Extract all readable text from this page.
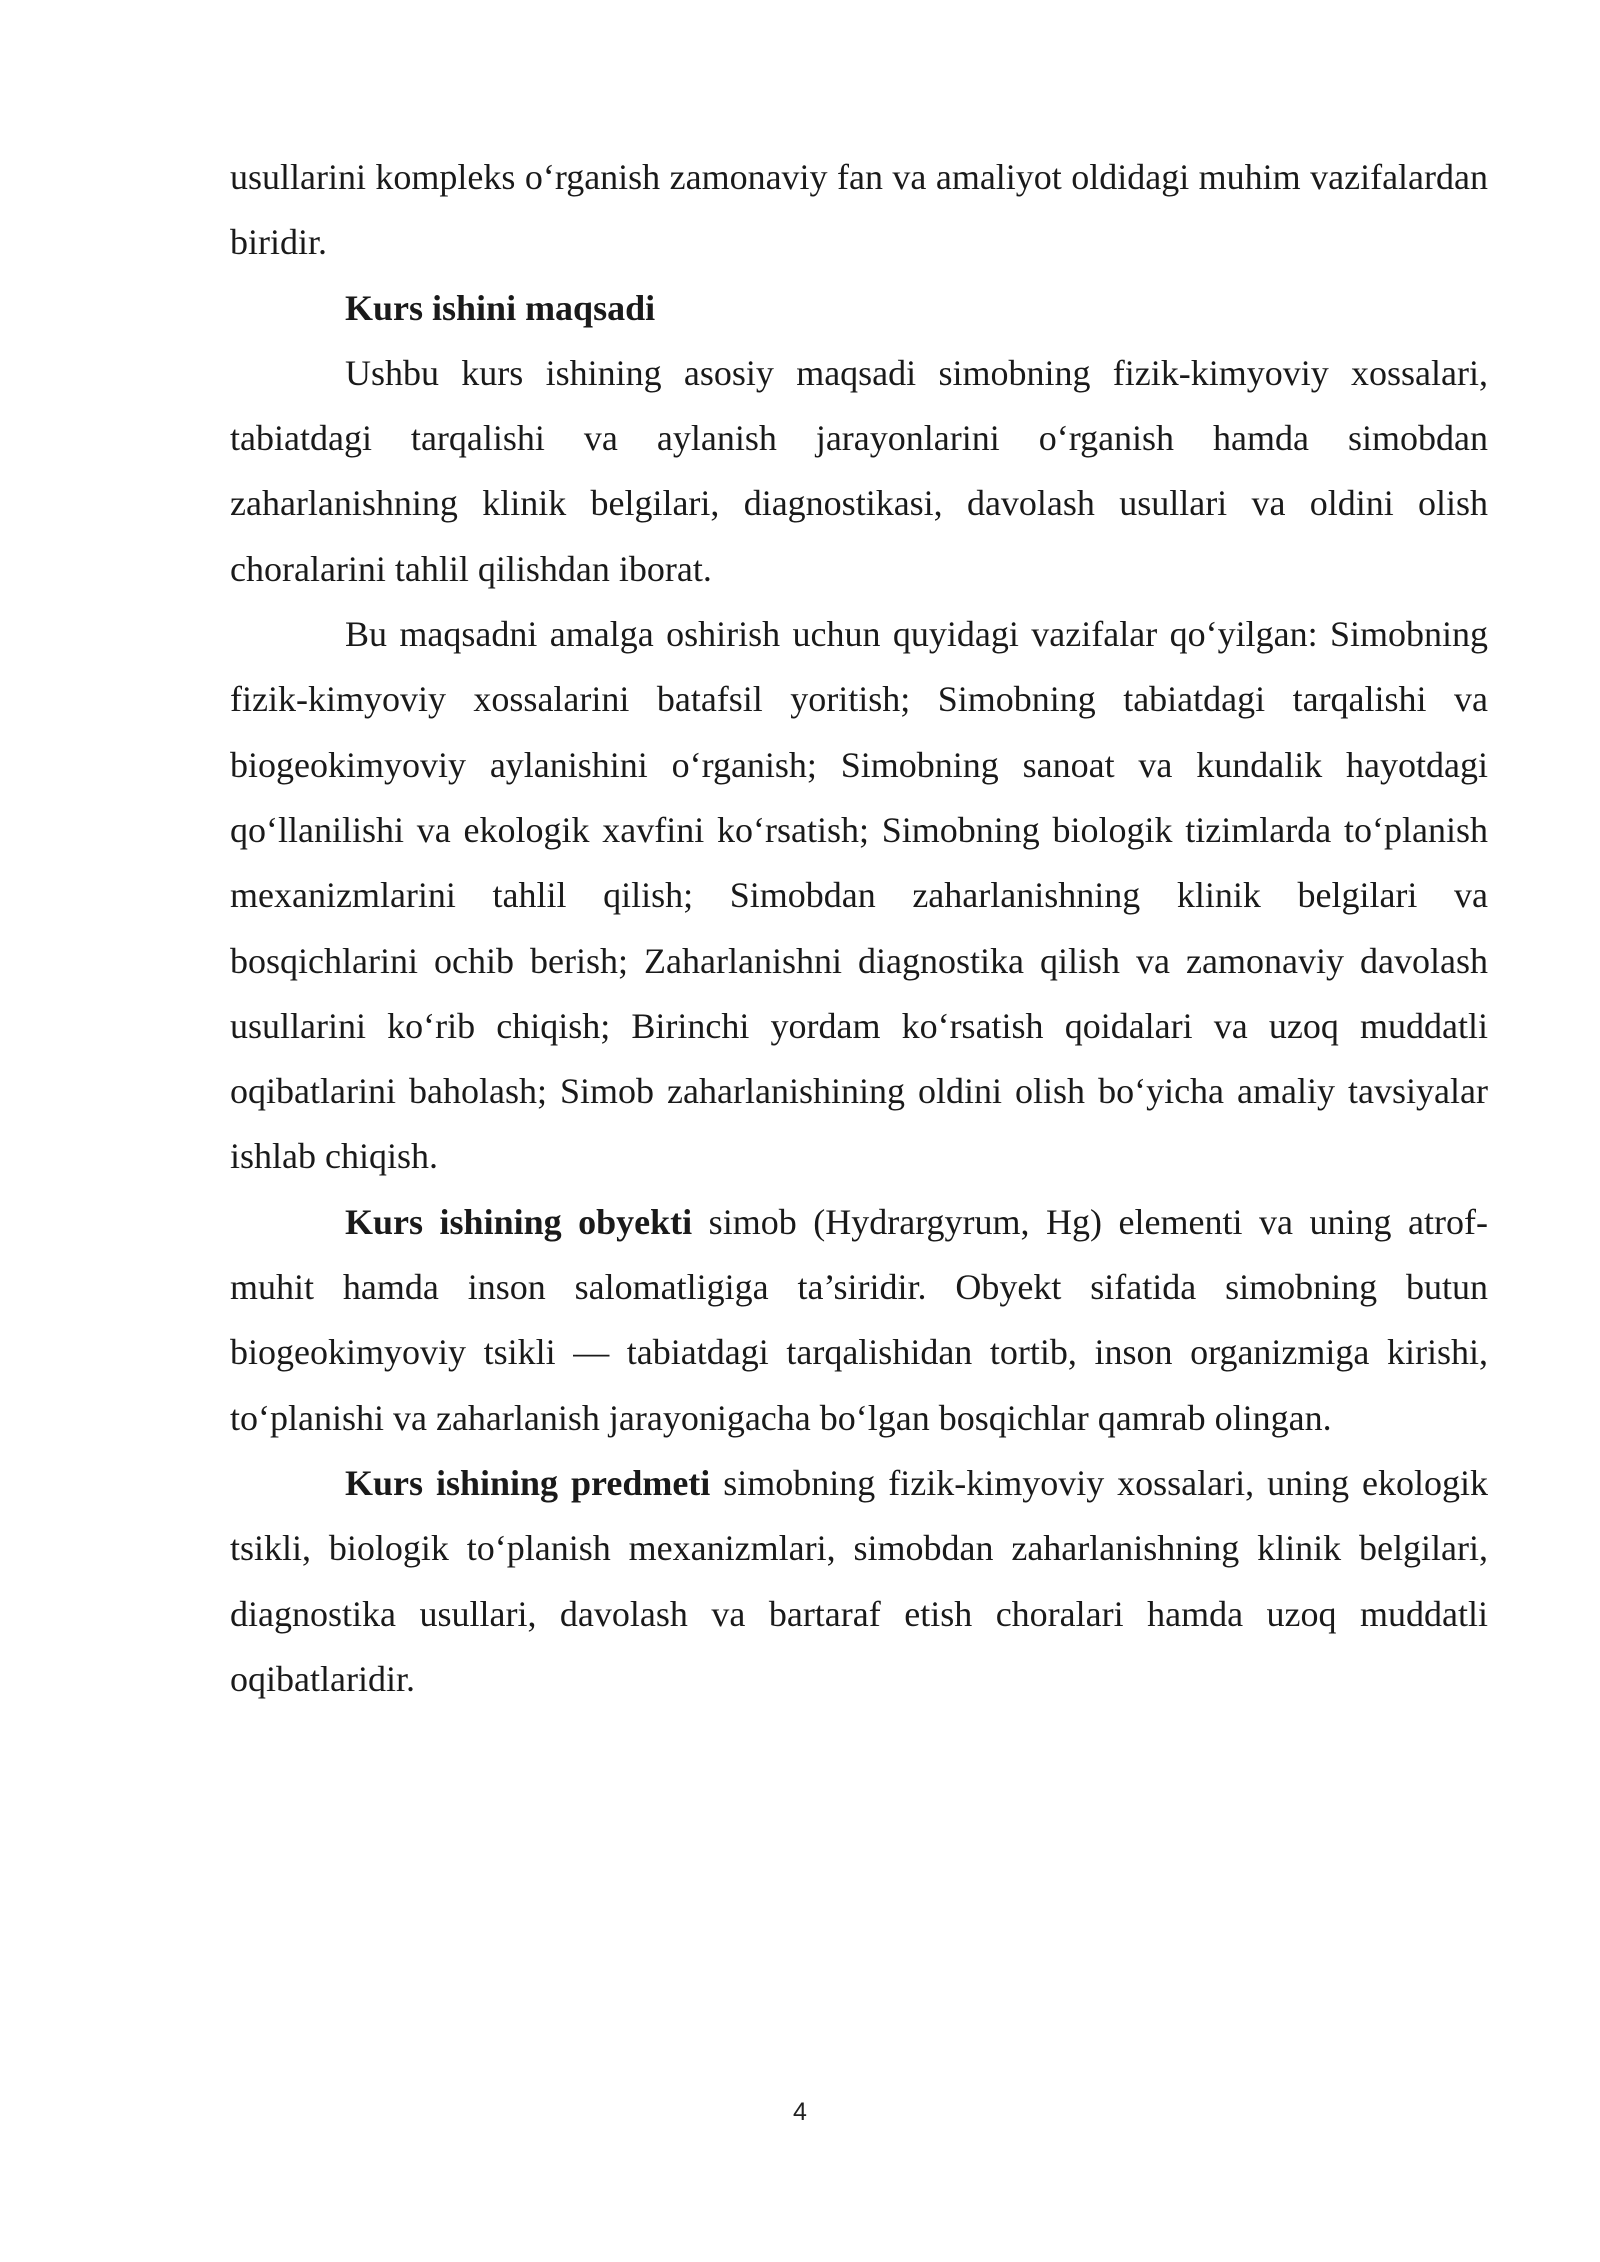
usullarini kompleks o‘rganish zamonaviy fan va amaliyot oldidagi muhim vazifalardan biridir.

Kurs ishini maqsadi

Ushbu kurs ishining asosiy maqsadi simobning fizik-kimyoviy xossalari, tabiatdagi tarqalishi va aylanish jarayonlarini o‘rganish hamda simobdan zaharlanishning klinik belgilari, diagnostikasi, davolash usullari va oldini olish choralarini tahlil qilishdan iborat.

Bu maqsadni amalga oshirish uchun quyidagi vazifalar qo‘yilgan: Simobning fizik-kimyoviy xossalarini batafsil yoritish; Simobning tabiatdagi tarqalishi va biogeokimyoviy aylanishini o‘rganish; Simobning sanoat va kundalik hayotdagi qo‘llanilishi va ekologik xavfini ko‘rsatish; Simobning biologik tizimlarda to‘planish mexanizmlarini tahlil qilish; Simobdan zaharlanishning klinik belgilari va bosqichlarini ochib berish; Zaharlanishni diagnostika qilish va zamonaviy davolash usullarini ko‘rib chiqish; Birinchi yordam ko‘rsatish qoidalari va uzoq muddatli oqibatlarini baholash; Simob zaharlanishining oldini olish bo‘yicha amaliy tavsiyalar ishlab chiqish.

Kurs ishining obyekti simob (Hydrargyrum, Hg) elementi va uning atrof-muhit hamda inson salomatligiga ta’siridir. Obyekt sifatida simobning butun biogeokimyoviy tsikli — tabiatdagi tarqalishidan tortib, inson organizmiga kirishi, to‘planishi va zaharlanish jarayonigacha bo‘lgan bosqichlar qamrab olingan.

Kurs ishining predmeti simobning fizik-kimyoviy xossalari, uning ekologik tsikli, biologik to‘planish mexanizmlari, simobdan zaharlanishning klinik belgilari, diagnostika usullari, davolash va bartaraf etish choralari hamda uzoq muddatli oqibatlaridir.

4
